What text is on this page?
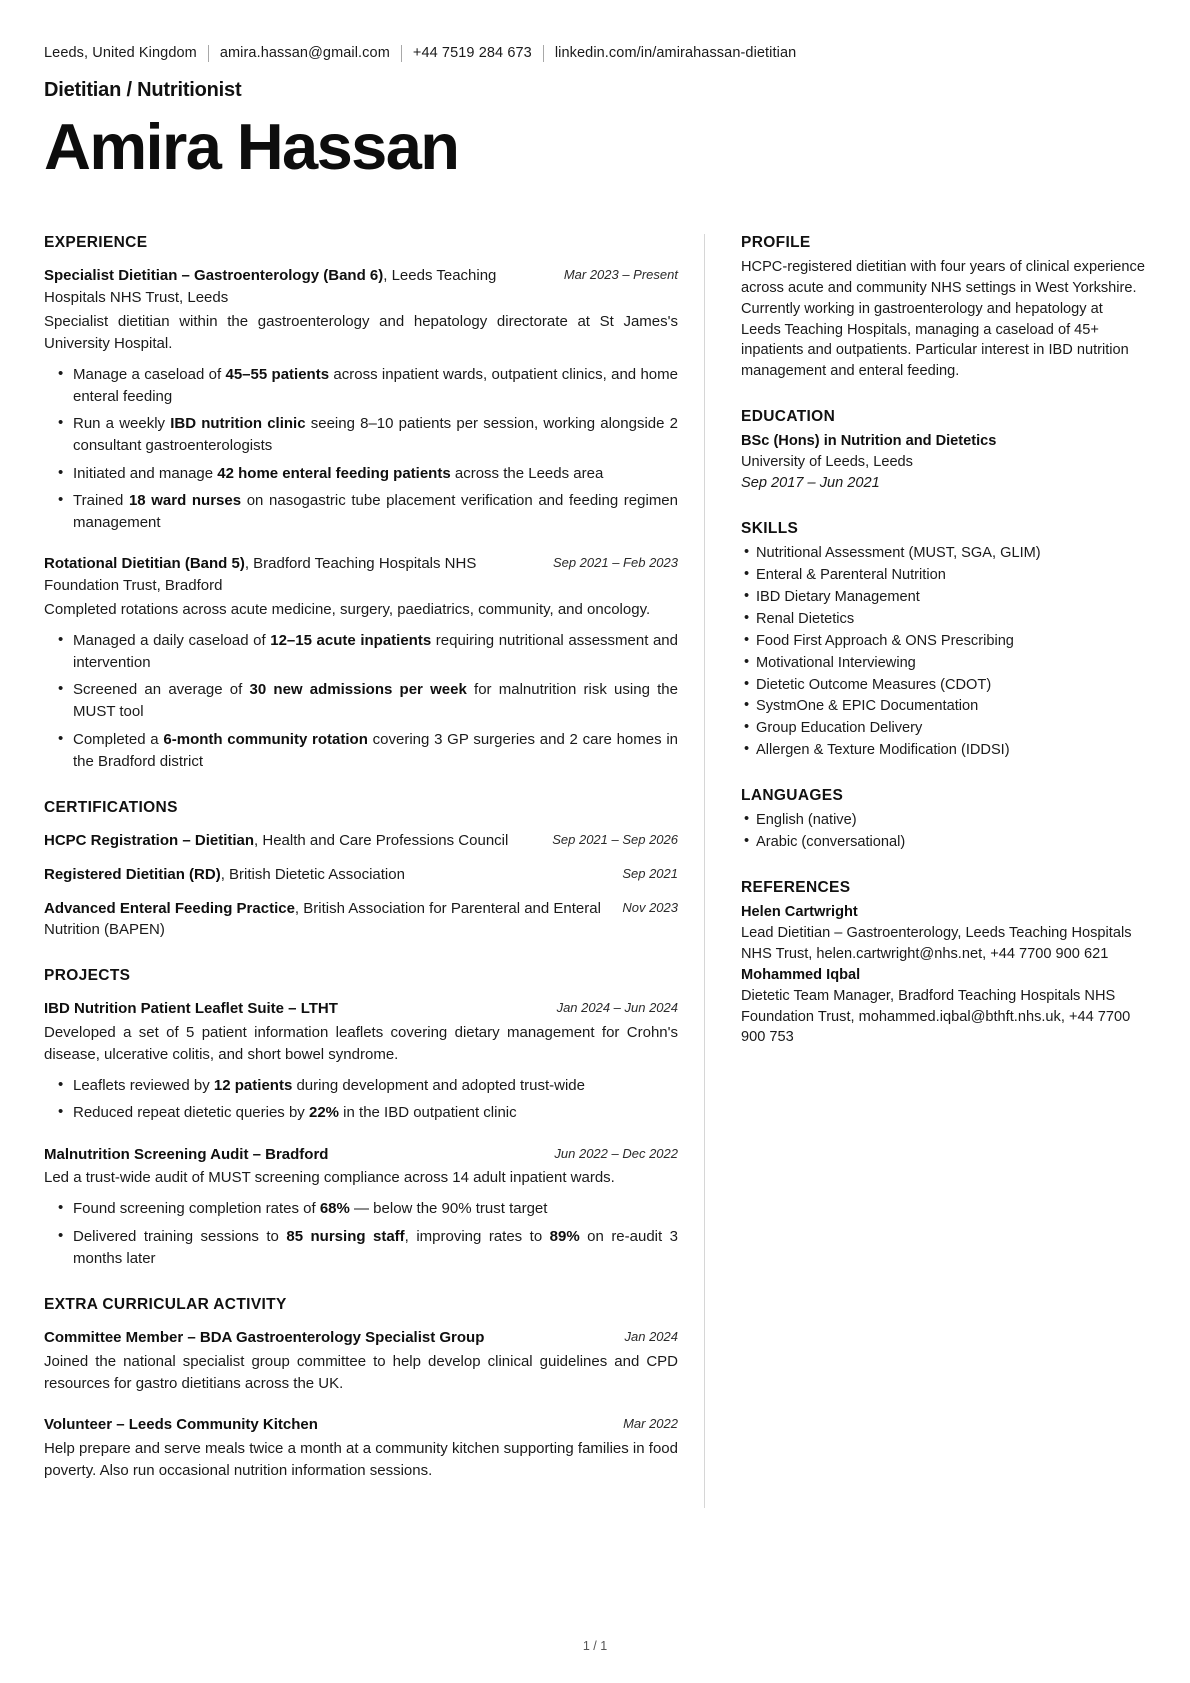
Leeds, United Kingdom amira.hassan@gmail.com +44 7519 284 673 linkedin.com/in/amirahassan-dietitian
Dietitian / Nutritionist
Amira Hassan
EXPERIENCE
Specialist Dietitian – Gastroenterology (Band 6), Leeds Teaching Hospitals NHS Trust, Leeds
Mar 2023 – Present
Specialist dietitian within the gastroenterology and hepatology directorate at St James's University Hospital.
• Manage a caseload of 45–55 patients across inpatient wards, outpatient clinics, and home enteral feeding
• Run a weekly IBD nutrition clinic seeing 8–10 patients per session, working alongside 2 consultant gastroenterologists
• Initiated and manage 42 home enteral feeding patients across the Leeds area
• Trained 18 ward nurses on nasogastric tube placement verification and feeding regimen management
Rotational Dietitian (Band 5), Bradford Teaching Hospitals NHS Foundation Trust, Bradford
Sep 2021 – Feb 2023
Completed rotations across acute medicine, surgery, paediatrics, community, and oncology.
• Managed a daily caseload of 12–15 acute inpatients requiring nutritional assessment and intervention
• Screened an average of 30 new admissions per week for malnutrition risk using the MUST tool
• Completed a 6-month community rotation covering 3 GP surgeries and 2 care homes in the Bradford district
CERTIFICATIONS
HCPC Registration – Dietitian, Health and Care Professions Council	Sep 2021 – Sep 2026
Registered Dietitian (RD), British Dietetic Association	Sep 2021
Advanced Enteral Feeding Practice, British Association for Parenteral and Enteral Nutrition (BAPEN)
Nov 2023
PROJECTS
IBD Nutrition Patient Leaflet Suite – LTHT	Jan 2024 – Jun 2024
Developed a set of 5 patient information leaflets covering dietary management for Crohn's disease, ulcerative colitis, and short bowel syndrome.
• Leaflets reviewed by 12 patients during development and adopted trust-wide
• Reduced repeat dietetic queries by 22% in the IBD outpatient clinic
Malnutrition Screening Audit – Bradford	Jun 2022 – Dec 2022
Led a trust-wide audit of MUST screening compliance across 14 adult inpatient wards.
• Found screening completion rates of 68% — below the 90% trust target
• Delivered training sessions to 85 nursing staff, improving rates to 89% on re-audit 3 months later
EXTRA CURRICULAR ACTIVITY
Committee Member – BDA Gastroenterology Specialist Group	Jan 2024
Joined the national specialist group committee to help develop clinical guidelines and CPD resources for gastro dietitians across the UK.
Volunteer – Leeds Community Kitchen	Mar 2022
Help prepare and serve meals twice a month at a community kitchen supporting families in food poverty. Also run occasional nutrition information sessions.
PROFILE
HCPC-registered dietitian with four years of clinical experience across acute and community NHS settings in West Yorkshire. Currently working in gastroenterology and hepatology at Leeds Teaching Hospitals, managing a caseload of 45+ inpatients and outpatients. Particular interest in IBD nutrition management and enteral feeding.
EDUCATION
BSc (Hons) in Nutrition and Dietetics
University of Leeds, Leeds
Sep 2017 – Jun 2021
SKILLS
• Nutritional Assessment (MUST, SGA, GLIM)
• Enteral & Parenteral Nutrition
• IBD Dietary Management
• Renal Dietetics
• Food First Approach & ONS Prescribing
• Motivational Interviewing
• Dietetic Outcome Measures (CDOT)
• SystmOne & EPIC Documentation
• Group Education Delivery
• Allergen & Texture Modification (IDDSI)
LANGUAGES
• English (native)
• Arabic (conversational)
REFERENCES
Helen Cartwright
Lead Dietitian – Gastroenterology, Leeds Teaching Hospitals NHS Trust, helen.cartwright@nhs.net, +44 7700 900 621
Mohammed Iqbal
Dietetic Team Manager, Bradford Teaching Hospitals NHS Foundation Trust, mohammed.iqbal@bthft.nhs.uk, +44 7700 900 753
1 / 1
